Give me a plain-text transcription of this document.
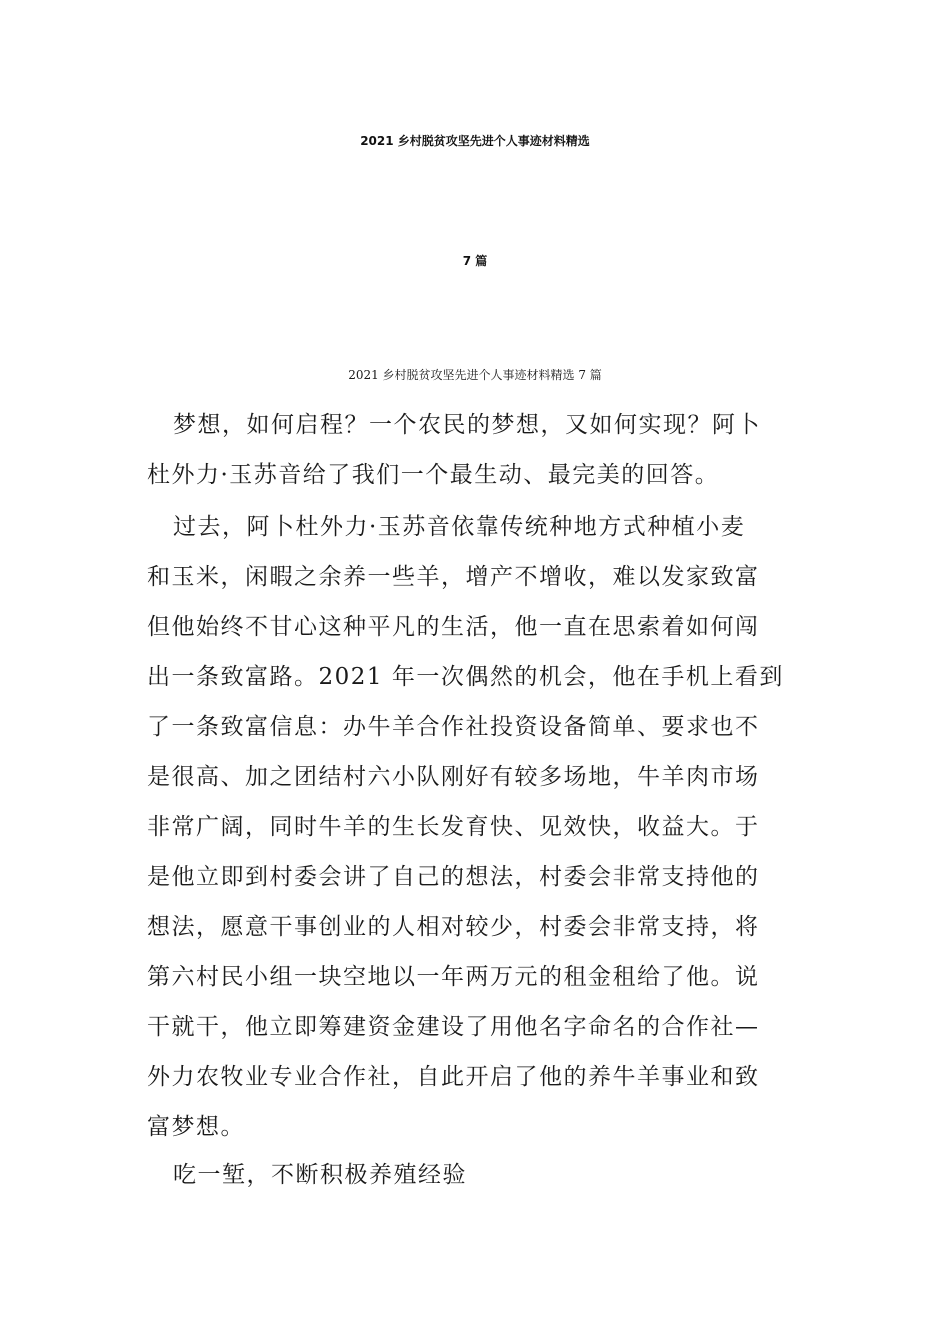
2021 乡村脱贫攻坚先进个人事迹材料精选
7 篇
2021 乡村脱贫攻坚先进个人事迹材料精选 7 篇
梦想，如何启程？一个农民的梦想，又如何实现？阿卜
杜外力·玉苏音给了我们一个最生动、最完美的回答。
过去，阿卜杜外力·玉苏音依靠传统种地方式种植小麦
和玉米，闲暇之余养一些羊，增产不增收，难以发家致富
但他始终不甘心这种平凡的生活，他一直在思索着如何闯
出一条致富路。2021 年一次偶然的机会，他在手机上看到
了一条致富信息：办牛羊合作社投资设备简单、要求也不
是很高、加之团结村六小队刚好有较多场地，牛羊肉市场
非常广阔，同时牛羊的生长发育快、见效快，收益大。于
是他立即到村委会讲了自己的想法，村委会非常支持他的
想法，愿意干事创业的人相对较少，村委会非常支持，将
第六村民小组一块空地以一年两万元的租金租给了他。说
干就干，他立即筹建资金建设了用他名字命名的合作社—
外力农牧业专业合作社，自此开启了他的养牛羊事业和致
富梦想。
吃一堑，不断积极养殖经验
